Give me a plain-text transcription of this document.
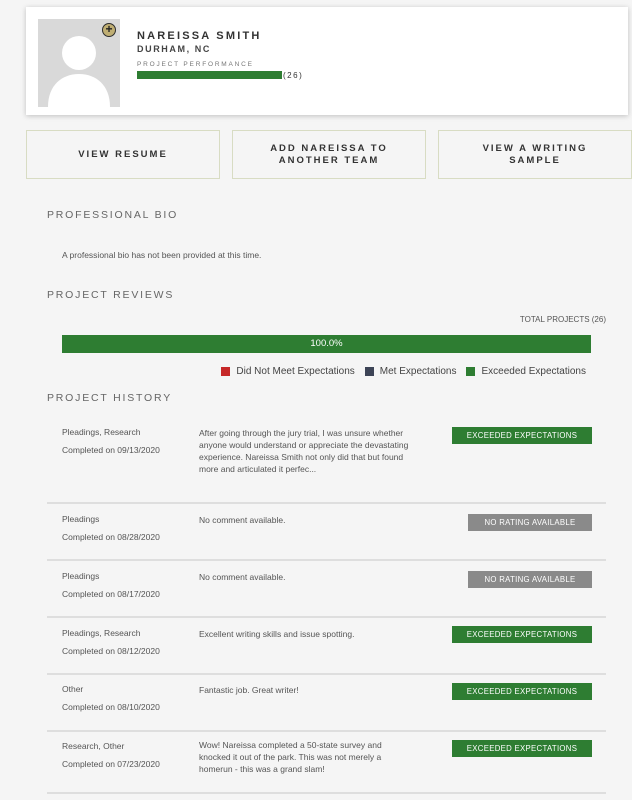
+	NAREISSA SMITH
DURHAM, NC
PROJECT PERFORMANCE
(26)
VIEW RESUME
ADD NAREISSA TO ANOTHER TEAM
VIEW A WRITING SAMPLE
PROFESSIONAL BIO
A professional bio has not been provided at this time.
PROJECT REVIEWS
TOTAL PROJECTS (26)
100.0%
Did Not Meet Expectations	Met Expectations	Exceeded Expectations
PROJECT HISTORY
Pleadings, Research
Completed on 09/13/2020
After going through the jury trial, I was unsure whether anyone would understand or appreciate the devastating experience. Nareissa Smith not only did that but found more and articulated it perfec...
EXCEEDED EXPECTATIONS
Pleadings
Completed on 08/28/2020
No comment available.	NO RATING AVAILABLE
Pleadings
Completed on 08/17/2020
No comment available.	NO RATING AVAILABLE
Pleadings, Research
Completed on 08/12/2020
Excellent writing skills and issue spotting.	EXCEEDED EXPECTATIONS
Other
Completed on 08/10/2020
Fantastic job. Great writer!	EXCEEDED EXPECTATIONS
Research, Other
Completed on 07/23/2020
Wow! Nareissa completed a 50-state survey and knocked it out of the park. This was not merely a homerun - this was a grand slam!
EXCEEDED EXPECTATIONS
